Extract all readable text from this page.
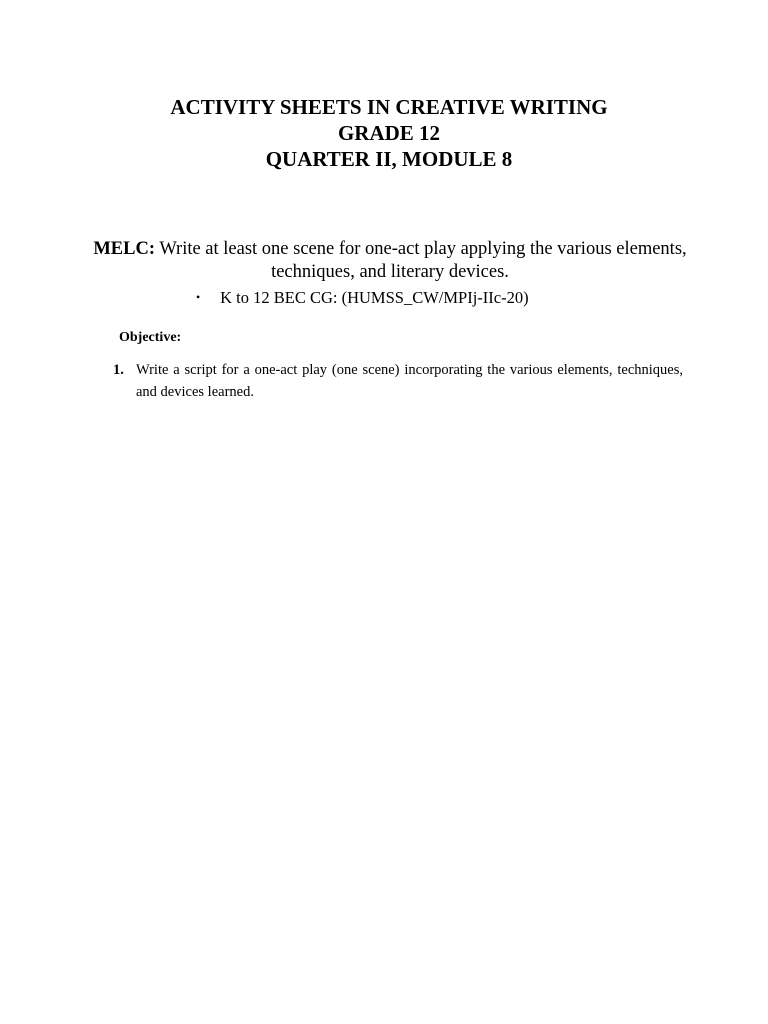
ACTIVITY SHEETS IN CREATIVE WRITING
GRADE 12
QUARTER II, MODULE 8
MELC: Write at least one scene for one-act play applying the various elements, techniques, and literary devices.
• K to 12 BEC CG: (HUMSS_CW/MPIj-IIc-20)
Objective:
1. Write a script for a one-act play (one scene) incorporating the various elements, techniques, and devices learned.
